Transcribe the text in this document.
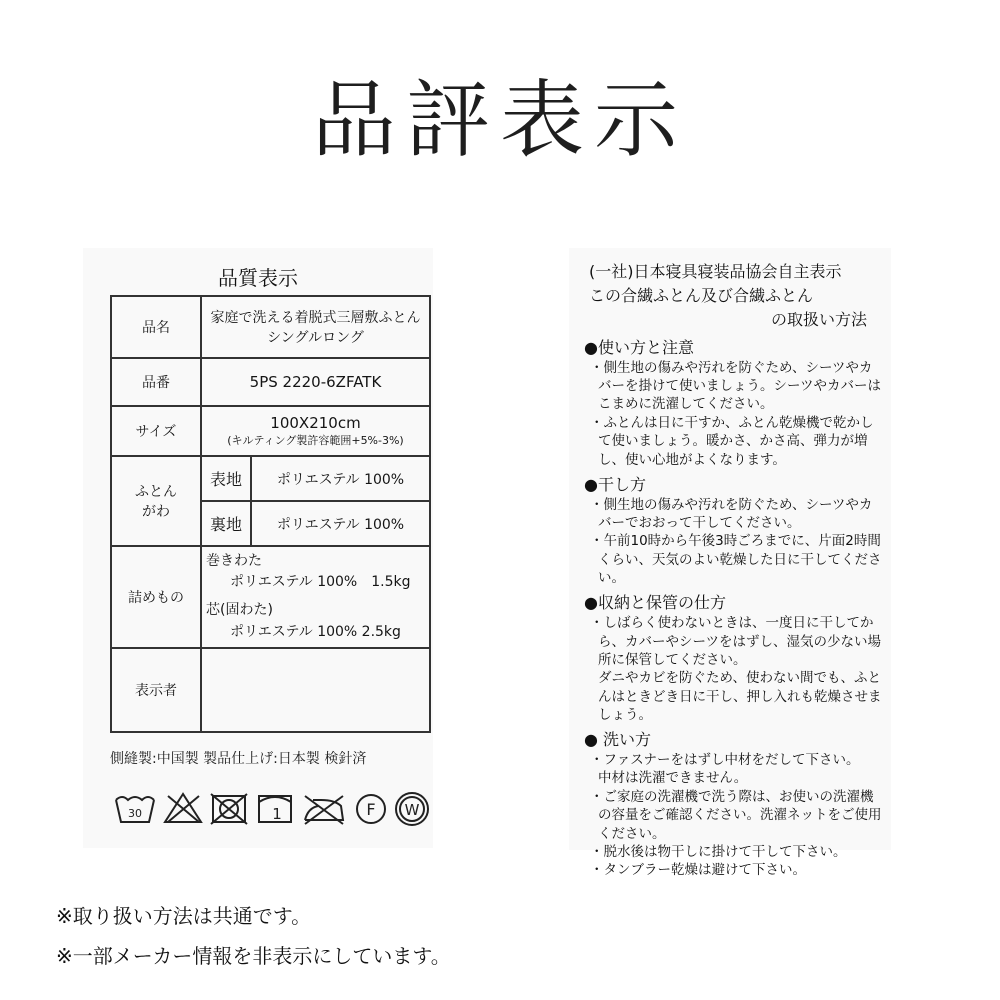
品評表示
品質表示
品名	家庭で洗える着脱式三層敷ふとん
シングルロング	

品番	5PS 2220-6ZFATK	
サイズ	100X210cm
(キルティング製許容範囲+5%-3%)	

ふとん
がわ	表地	ポリエステル 100%
	裏地	ポリエステル 100%
詰めもの	巻きわた
ポリエステル 100%　1.5kg
芯(固わた)
ポリエステル 100% 2.5kg	

表示者		
側縫製:中国製 製品仕上げ:日本製 検針済
30	1	F W
(一社)日本寝具寝装品協会自主表示
この合繊ふとん及び合繊ふとん
の取扱い方法
●使い方と注意
・側生地の傷みや汚れを防ぐため、シーツやカバーを掛けて使いましょう。シーツやカバーはこまめに洗濯してください。
・ふとんは日に干すか、ふとん乾燥機で乾かして使いましょう。暖かさ、かさ高、弾力が増し、使い心地がよくなります。
●干し方
・側生地の傷みや汚れを防ぐため、シーツやカバーでおおって干してください。
・午前10時から午後3時ごろまでに、片面2時間くらい、天気のよい乾燥した日に干してください。
●収納と保管の仕方
・しばらく使わないときは、一度日に干してから、カバーやシーツをはずし、湿気の少ない場所に保管してください。
ダニやカビを防ぐため、使わない間でも、ふとんはときどき日に干し、押し入れも乾燥させましょう。
● 洗い方
・ファスナーをはずし中材をだして下さい。
中材は洗濯できません。
・ご家庭の洗濯機で洗う際は、お使いの洗濯機の容量をご確認ください。洗濯ネットをご使用ください。
・脱水後は物干しに掛けて干して下さい。
・タンブラー乾燥は避けて下さい。
※取り扱い方法は共通です。
※一部メーカー情報を非表示にしています。
